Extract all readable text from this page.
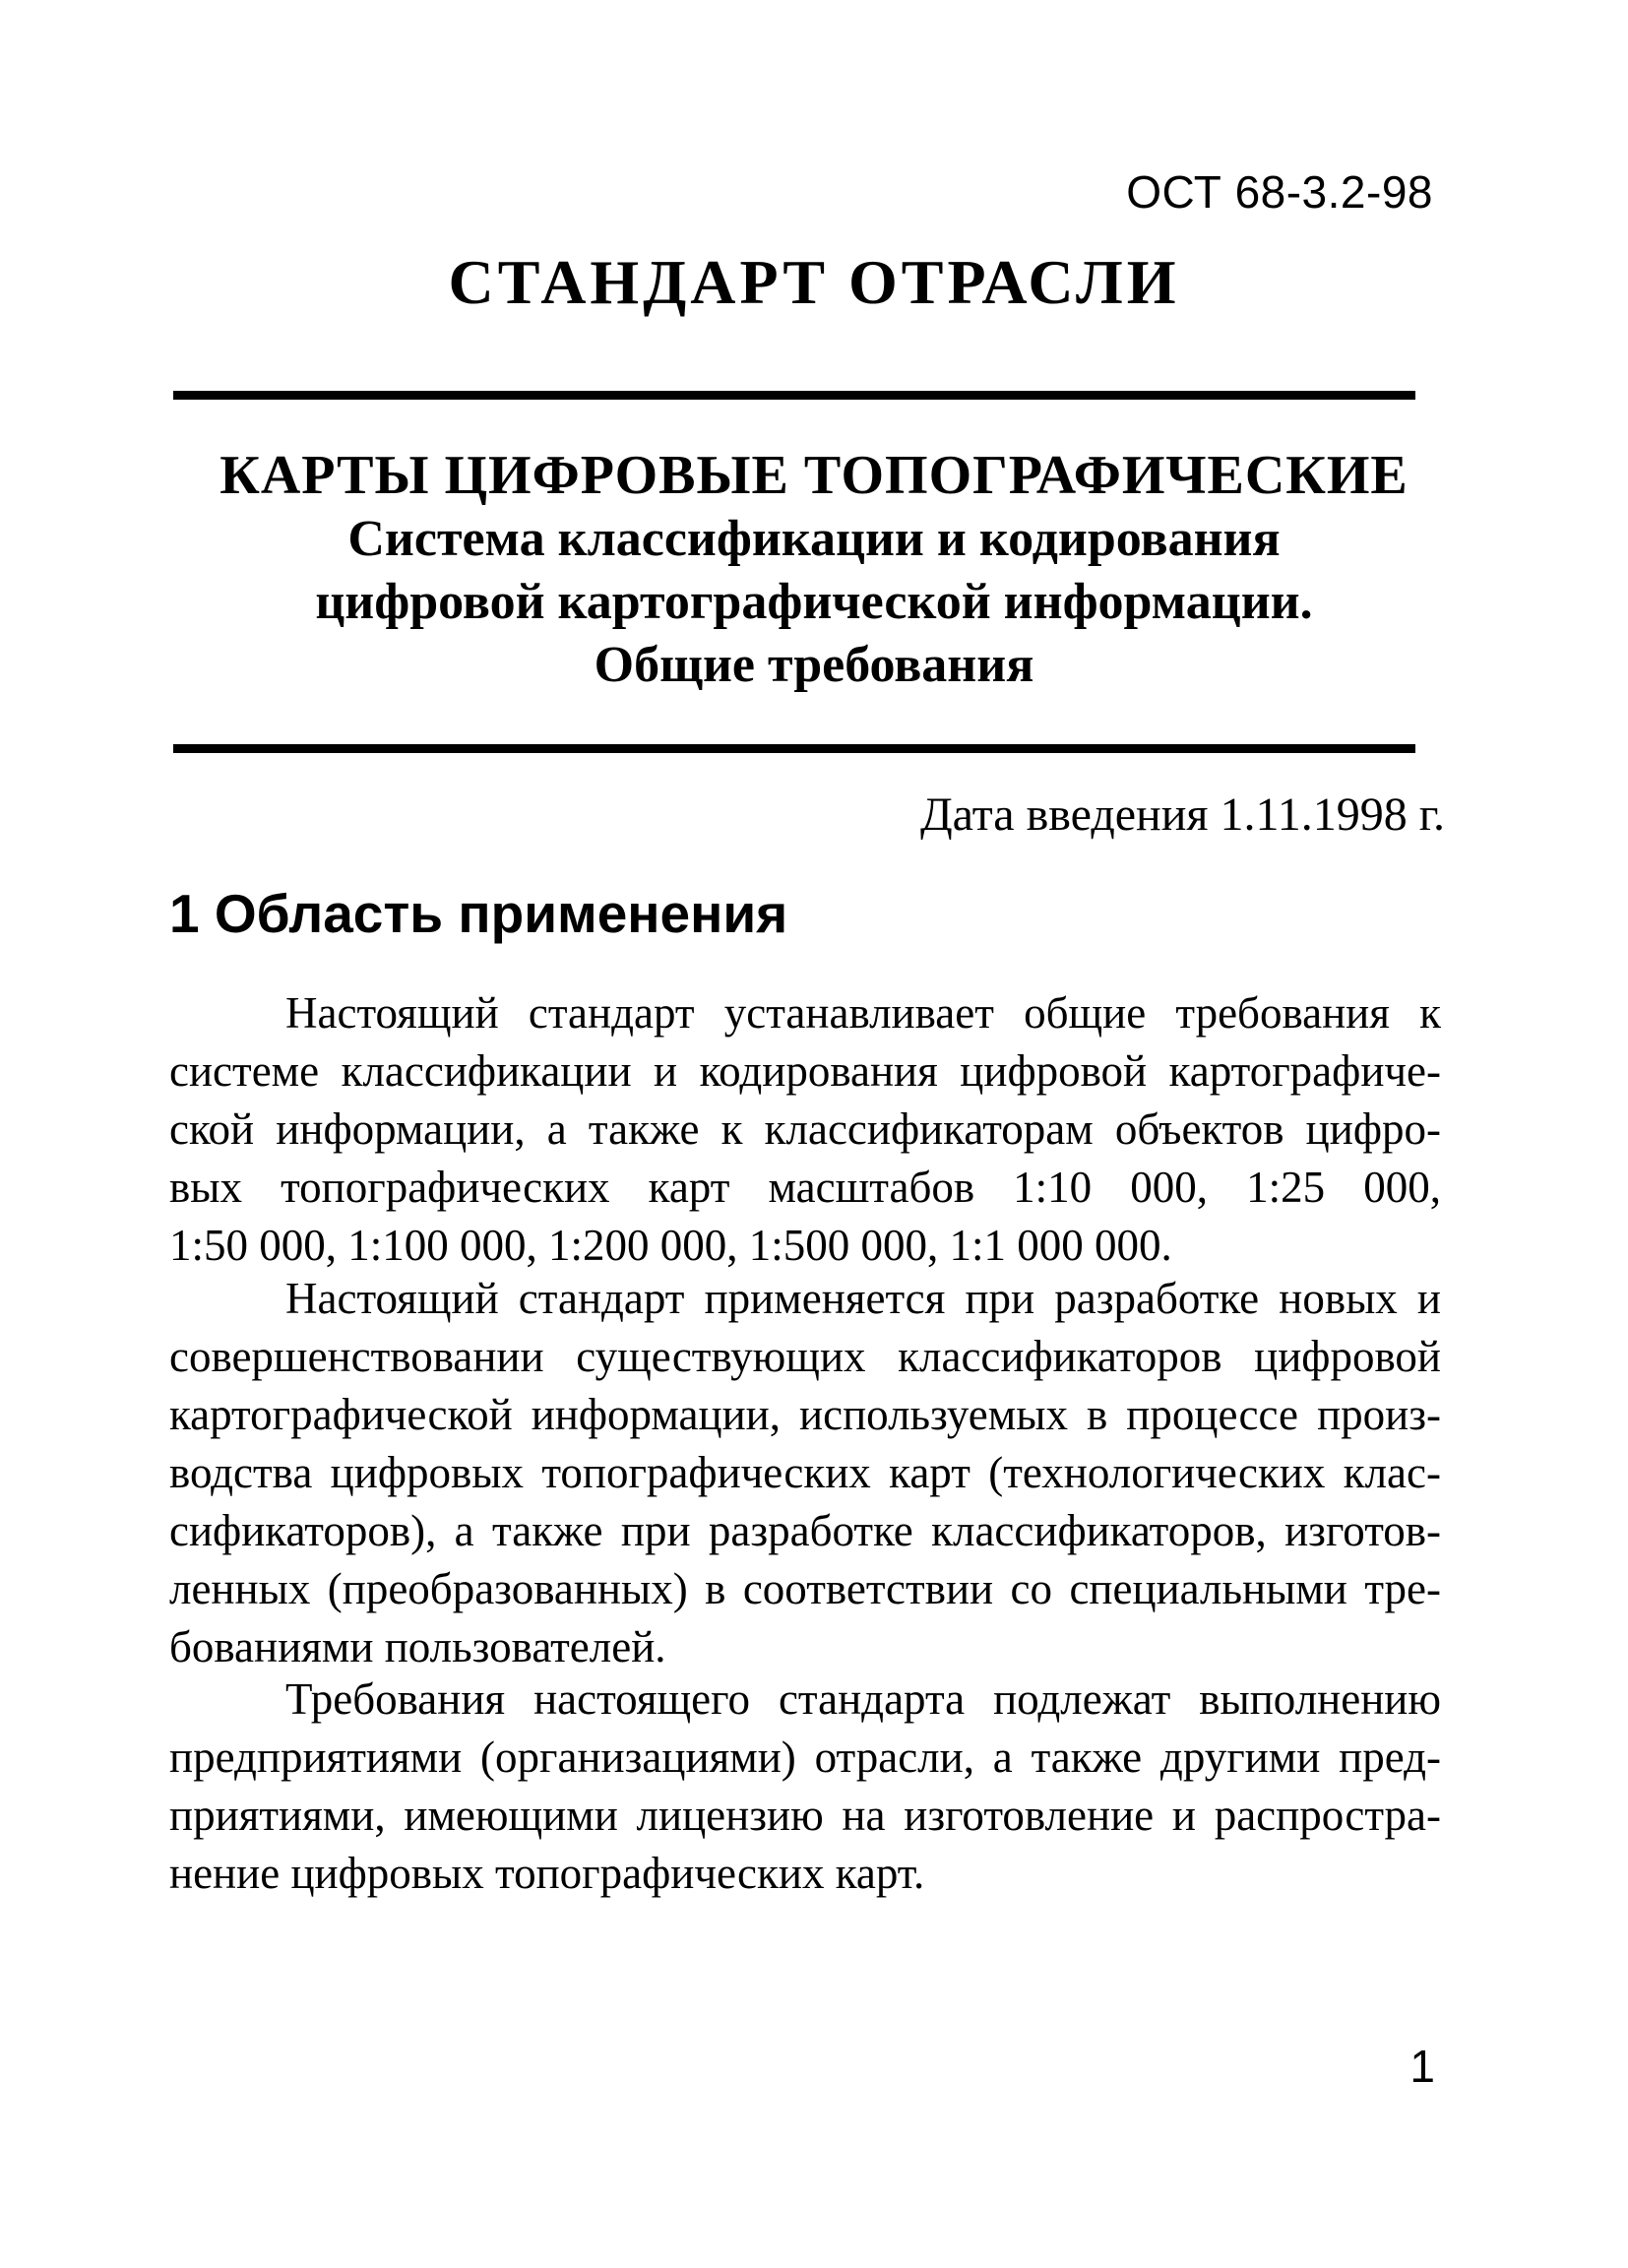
ОСТ 68-3.2-98
СТАНДАРТ ОТРАСЛИ
КАРТЫ ЦИФРОВЫЕ ТОПОГРАФИЧЕСКИЕ
Система классификации и кодирования
цифровой картографической информации.
Общие требования
Дата введения 1.11.1998 г.
1 Область применения
Настоящий стандарт устанавливает общие требования к
системе классификации и кодирования цифровой картографиче-
ской информации, а также к классификаторам объектов цифро-
вых топографических карт масштабов 1:10 000, 1:25 000,
1:50 000, 1:100 000, 1:200 000, 1:500 000, 1:1 000 000.
Настоящий стандарт применяется при разработке новых и
совершенствовании существующих классификаторов цифровой
картографической информации, используемых в процессе произ-
водства цифровых топографических карт (технологических клас-
сификаторов), а также при разработке классификаторов, изготов-
ленных (преобразованных) в соответствии со специальными тре-
бованиями пользователей.
Требования настоящего стандарта подлежат выполнению
предприятиями (организациями) отрасли, а также другими пред-
приятиями, имеющими лицензию на изготовление и распростра-
нение цифровых топографических карт.
1
